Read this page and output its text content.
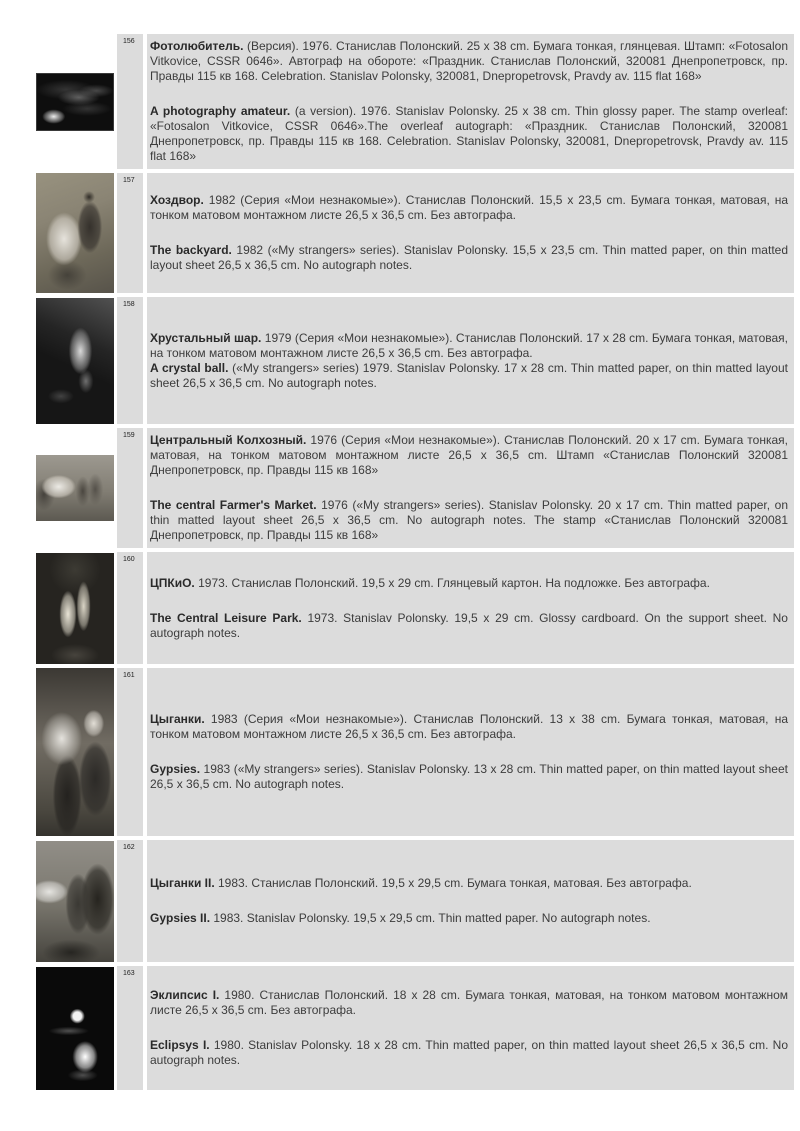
156	Фотолюбитель. (Версия). 1976. Станислав Полонский. 25 x 38 cm. Бумага тонкая, глянцевая. Штамп: «Fotosalon Vitkovice, CSSR 0646». Автограф на обороте: «Праздник. Станислав Полонский, 320081 Днепропетровск, пр. Правды 115 кв 168. Celebration. Stanislav Polonsky, 320081, Dnepropetrovsk, Pravdy av. 115 flat 168»

A photography amateur. (a version). 1976. Stanislav Polonsky. 25 x 38 cm. Thin glossy paper. The stamp overleaf: «Fotosalon Vitkovice, CSSR 0646».The overleaf autograph: «Праздник. Станислав Полонский, 320081 Днепропетровск, пр. Правды 115 кв 168. Celebration. Stanislav Polonsky, 320081, Dnepropetrovsk, Pravdy av. 115 flat 168»

157

Хоздвор. 1982 (Серия «Мои незнакомые»). Станислав Полонский. 15,5 x 23,5 cm. Бумага тонкая, матовая, на тонком матовом монтажном листе 26,5 x 36,5 cm. Без автографа.

The backyard. 1982 («My strangers» series). Stanislav Polonsky. 15,5 x 23,5 cm. Thin matted paper, on thin matted layout sheet 26,5 x 36,5 cm. No autograph notes.

158

Хрустальный шар. 1979 (Серия «Мои незнакомые»). Станислав Полонский. 17 x 28 cm. Бумага тонкая, матовая, на тонком матовом монтажном листе 26,5 x 36,5 cm. Без автографа.

A crystal ball. («My strangers» series) 1979. Stanislav Polonsky. 17 x 28 cm. Thin matted paper, on thin matted layout sheet 26,5 x 36,5 cm. No autograph notes.

159	Центральный Колхозный. 1976 (Серия «Мои незнакомые»). Станислав Полонский. 20 x 17 cm. Бумага тонкая, матовая, на тонком матовом монтажном листе 26,5 x 36,5 cm. Штамп «Станислав Полонский 320081 Днепропетровск, пр. Правды 115 кв 168»

The central Farmer's Market. 1976 («My strangers» series). Stanislav Polonsky. 20 x 17 cm. Thin matted paper, on thin matted layout sheet 26,5 x 36,5 cm. No autograph notes. The stamp «Станислав Полонский 320081 Днепропетровск, пр. Правды 115 кв 168»

160

ЦПКиО. 1973. Станислав Полонский. 19,5 x 29 cm. Глянцевый картон. На подложке. Без автографа.

The Central Leisure Park. 1973. Stanislav Polonsky. 19,5 x 29 cm. Glossy cardboard. On the support sheet. No autograph notes.

161

Цыганки. 1983 (Серия «Мои незнакомые»). Станислав Полонский. 13 x 38 cm. Бумага тонкая, матовая, на тонком матовом монтажном листе 26,5 x 36,5 cm. Без автографа.

Gypsies. 1983 («My strangers» series). Stanislav Polonsky. 13 x 28 cm. Thin matted paper, on thin matted layout sheet 26,5 x 36,5 cm. No autograph notes.

162

Цыганки II. 1983. Станислав Полонский. 19,5 x 29,5 cm. Бумага тонкая, матовая. Без автографа.

Gypsies II. 1983. Stanislav Polonsky. 19,5 x 29,5 cm. Thin matted paper. No autograph notes.

163

Эклипсис I. 1980. Станислав Полонский. 18 x 28 cm. Бумага тонкая, матовая, на тонком матовом монтажном листе 26,5 x 36,5 cm. Без автографа.

Eclipsys I. 1980. Stanislav Polonsky. 18 x 28 cm. Thin matted paper, on thin matted layout sheet 26,5 x 36,5 cm. No autograph notes.
